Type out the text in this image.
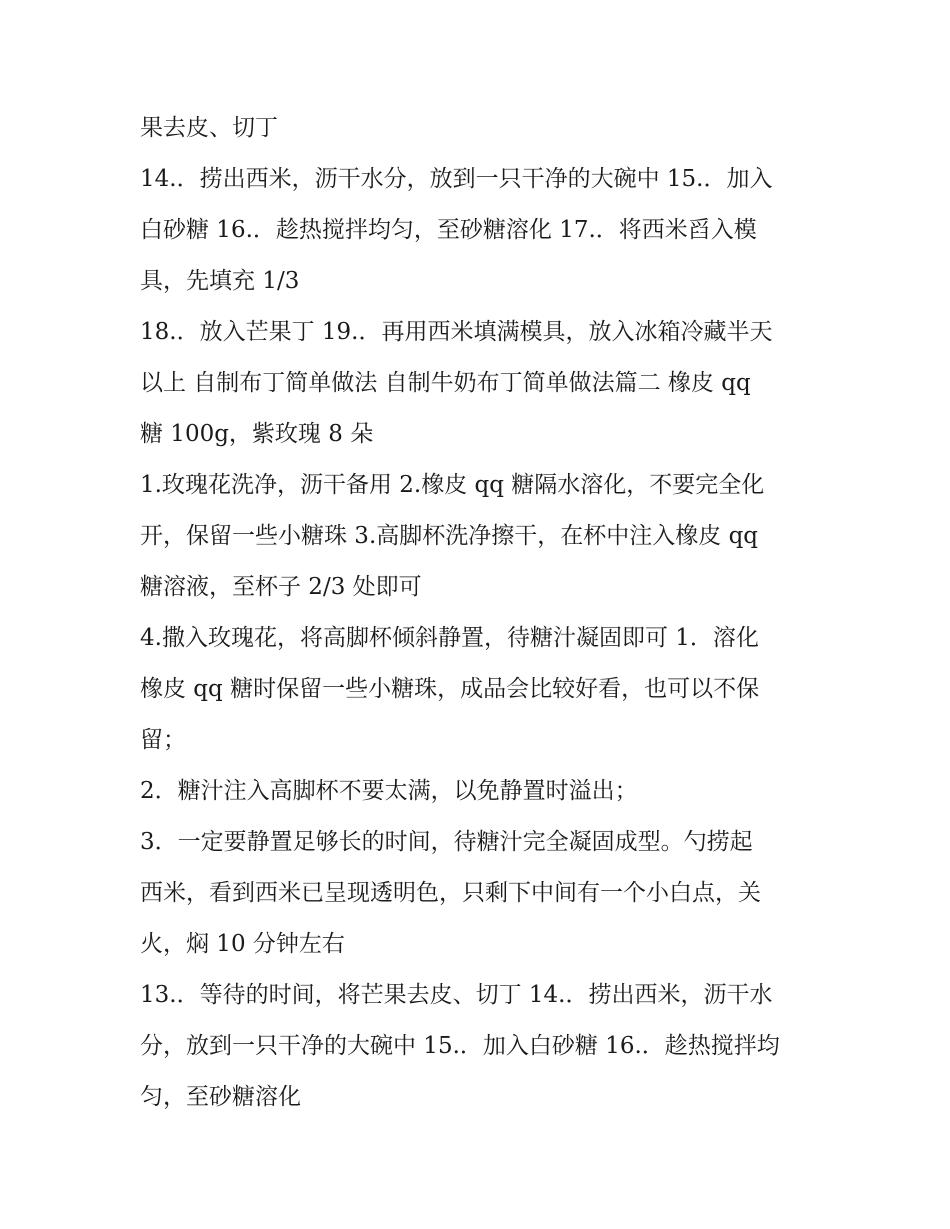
果去皮、切丁
14.．捞出西米，沥干水分，放到一只干净的大碗中 15.．加入
白砂糖 16.．趁热搅拌均匀，至砂糖溶化 17.．将西米舀入模
具，先填充 1/3
18.．放入芒果丁 19.．再用西米填满模具，放入冰箱冷藏半天
以上 自制布丁简单做法 自制牛奶布丁简单做法篇二 橡皮 qq
糖 100g，紫玫瑰 8 朵
1.玫瑰花洗净，沥干备用 2.橡皮 qq 糖隔水溶化，不要完全化
开，保留一些小糖珠 3.高脚杯洗净擦干，在杯中注入橡皮 qq
糖溶液，至杯子 2/3 处即可
4.撒入玫瑰花，将高脚杯倾斜静置，待糖汁凝固即可 1．溶化
橡皮 qq 糖时保留一些小糖珠，成品会比较好看，也可以不保
留；
2．糖汁注入高脚杯不要太满，以免静置时溢出；
3．一定要静置足够长的时间，待糖汁完全凝固成型。勺捞起
西米，看到西米已呈现透明色，只剩下中间有一个小白点，关
火，焖 10 分钟左右
13.．等待的时间，将芒果去皮、切丁 14.．捞出西米，沥干水
分，放到一只干净的大碗中 15.．加入白砂糖 16.．趁热搅拌均
匀，至砂糖溶化
